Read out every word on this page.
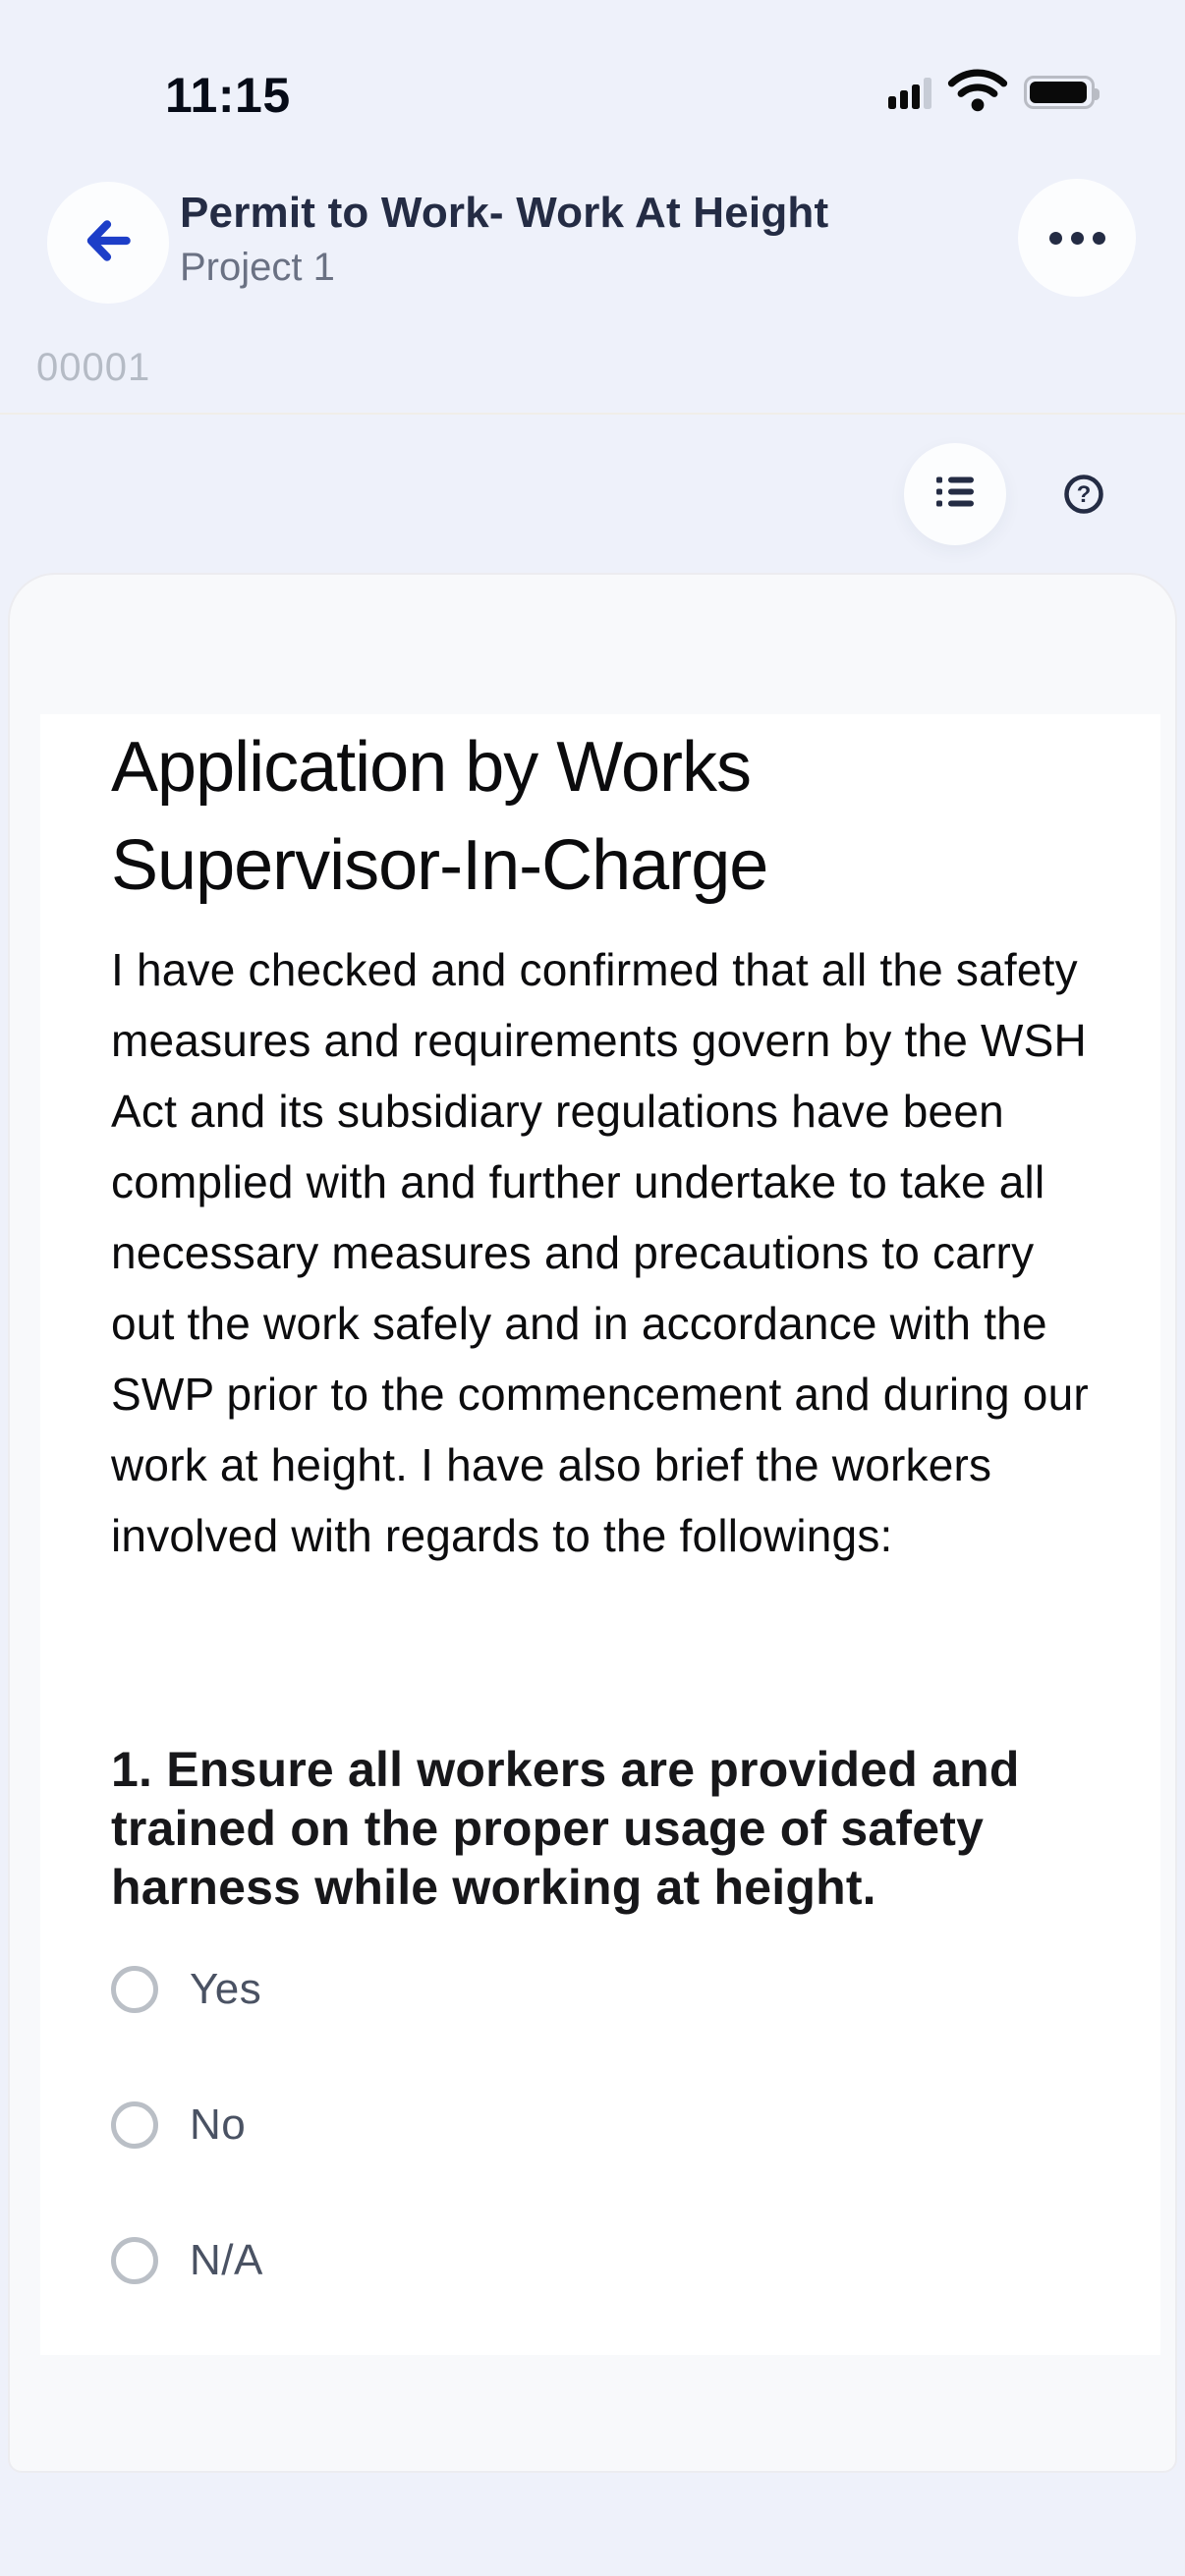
11:15
Permit to Work- Work At Height
Project 1
00001
?
Application by Works Supervisor-In-Charge
I have checked and confirmed that all the safety measures and requirements govern by the WSH Act and its subsidiary regulations have been complied with and further undertake to take all necessary measures and precautions to carry out the work safely and in accordance with the SWP prior to the commencement and during our work at height. I have also brief the workers involved with regards to the followings:
1. Ensure all workers are provided and trained on the proper usage of safety harness while working at height.
Yes
No
N/A
